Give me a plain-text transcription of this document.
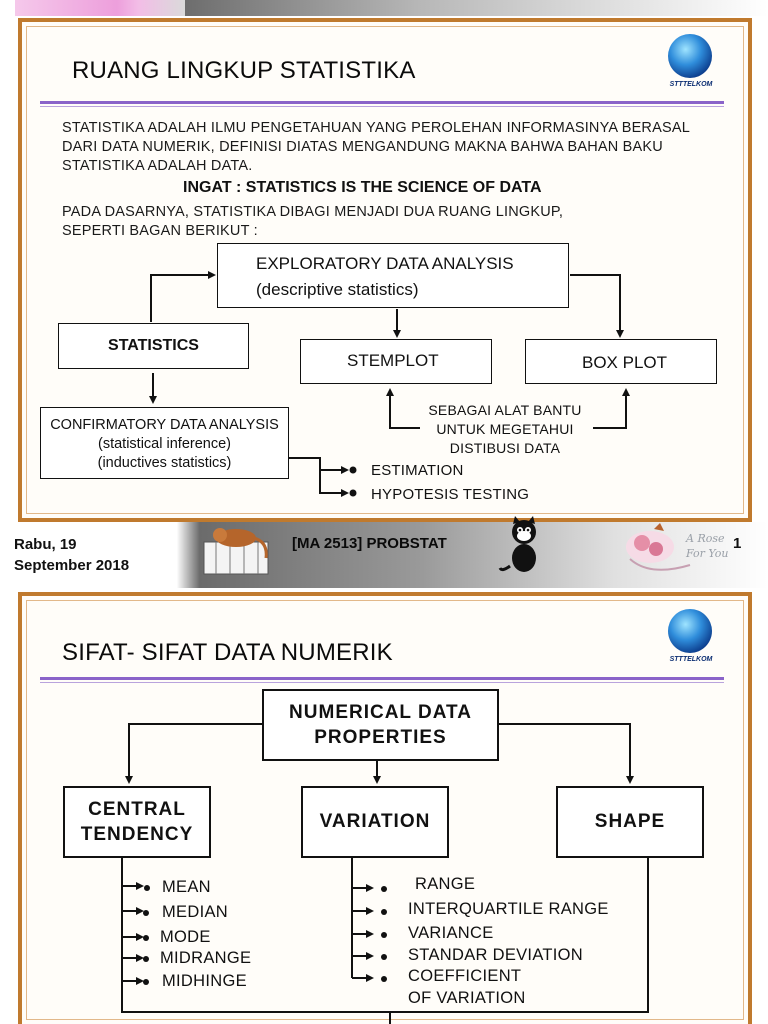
RUANG LINGKUP STATISTIKA
STTTELKOM
STATISTIKA ADALAH ILMU PENGETAHUAN YANG PEROLEHAN INFORMASINYA BERASAL
DARI DATA NUMERIK, DEFINISI DIATAS MENGANDUNG MAKNA BAHWA BAHAN BAKU
STATISTIKA ADALAH DATA.
INGAT : STATISTICS IS THE SCIENCE OF DATA
PADA DASARNYA, STATISTIKA DIBAGI MENJADI DUA RUANG LINGKUP,
SEPERTI BAGAN BERIKUT :
EXPLORATORY DATA ANALYSIS
(descriptive statistics)
STATISTICS
STEMPLOT	BOX PLOT
SEBAGAI ALAT BANTU
UNTUK MEGETAHUI
DISTIBUSI DATA
CONFIRMATORY DATA ANALYSIS
(statistical inference)
(inductives statistics)	ESTIMATION
HYPOTESIS TESTING
Rabu, 19
September 2018
[MA 2513] PROBSTAT	1
A Rose For You
SIFAT- SIFAT DATA NUMERIK	STTTELKOM
NUMERICAL DATA
PROPERTIES
CENTRAL
TENDENCY
VARIATION	SHAPE
MEAN
MEDIAN
MODE
MIDRANGE
MIDHINGE
RANGE
INTERQUARTILE RANGE
VARIANCE
STANDAR DEVIATION
COEFFICIENT
OF VARIATION
